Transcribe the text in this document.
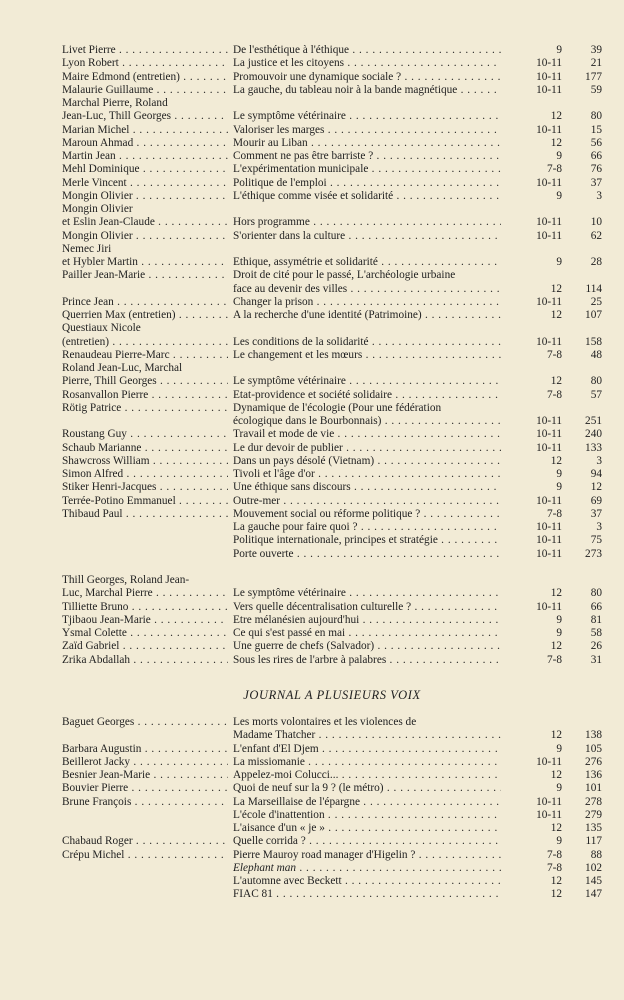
Livet Pierre . . .	De l'esthétique à l'éthique . . .	9	39
Lyon Robert . . .	La justice et les citoyens . . .	10-11	21
Maire Edmond (entretien) . . .	Promouvoir une dynamique sociale ? . . .	10-11	177
Malaurie Guillaume . . .	La gauche, du tableau noir à la bande magnétique . . .	10-11	59
Marchal Pierre, Roland
Jean-Luc, Thill Georges . . .	Le symptôme vétérinaire . . .	12	80
Marian Michel . . .	Valoriser les marges . . .	10-11	15
Maroun Ahmad . . .	Mourir au Liban . . .	12	56
Martin Jean . . .	Comment ne pas être barriste ? . . .	9	66
Mehl Dominique . . .	L'expérimentation municipale . . .	7-8	76
Merle Vincent . . .	Politique de l'emploi . . .	10-11	37
Mongin Olivier . . .	L'éthique comme visée et solidarité . . .	9	3
Mongin Olivier
et Eslin Jean-Claude . . .	Hors programme . . .	10-11	10
Mongin Olivier . . .	S'orienter dans la culture . . .	10-11	62
Nemec Jiri
et Hybler Martin . . .	Ethique, assymétrie et solidarité . . .	9	28
Pailler Jean-Marie . . .	Droit de cité pour le passé, L'archéologie urbaine
face au devenir des villes . . .	12	114
Prince Jean . . .	Changer la prison . . .	10-11	25
Querrien Max (entretien) . . .	A la recherche d'une identité (Patrimoine) . . .	12	107
Questiaux Nicole
(entretien) . . .	Les conditions de la solidarité . . .	10-11	158
Renaudeau Pierre-Marc . . .	Le changement et les mœurs . . .	7-8	48
Roland Jean-Luc, Marchal
Pierre, Thill Georges . . .	Le symptôme vétérinaire . . .	12	80
Rosanvallon Pierre . . .	Etat-providence et société solidaire . . .	7-8	57
Rötig Patrice . . .	Dynamique de l'écologie (Pour une fédération
écologique dans le Bourbonnais) . . .	10-11	251
Roustang Guy . . .	Travail et mode de vie . . .	10-11	240
Schaub Marianne . . .	Le dur devoir de publier . . .	10-11	133
Shawcross William . . .	Dans un pays désolé (Vietnam) . . .	12	3
Simon Alfred . . .	Tivoli et l'âge d'or . . .	9	94
Stiker Henri-Jacques . . .	Une éthique sans discours . . .	9	12
Terrée-Potino Emmanuel . . .	Outre-mer . . .	10-11	69
Thibaud Paul . . .	Mouvement social ou réforme politique ? . . .	7-8	37
La gauche pour faire quoi ? . . .	10-11	3
Politique internationale, principes et stratégie . . .	10-11	75
Porte ouverte . . .	10-11	273
Thill Georges, Roland Jean-
Luc, Marchal Pierre . . .	Le symptôme vétérinaire . . .	12	80
Tilliette Bruno . . .	Vers quelle décentralisation culturelle ? . . .	10-11	66
Tjibaou Jean-Marie . . .	Etre mélanésien aujourd'hui . . .	9	81
Ysmal Colette . . .	Ce qui s'est passé en mai . . .	9	58
Zaïd Gabriel . . .	Une guerre de chefs (Salvador) . . .	12	26
Zrika Abdallah . . .	Sous les rires de l'arbre à palabres . . .	7-8	31
JOURNAL A PLUSIEURS VOIX
Baguet Georges . . .	Les morts volontaires et les violences de
Madame Thatcher . . .	12	138
Barbara Augustin . . .	L'enfant d'El Djem . . .	9	105
Beillerot Jacky . . .	La missiomanie . . .	10-11	276
Besnier Jean-Marie . . .	Appelez-moi Colucci... . . .	12	136
Bouvier Pierre . . .	Quoi de neuf sur la 9 ? (le métro) . . .	9	101
Brune François . . .	La Marseillaise de l'épargne . . .	10-11	278
L'école d'inattention . . .	10-11	279
L'aisance d'un « je » . . .	12	135
Chabaud Roger . . .	Quelle corrida ? . . .	9	117
Crépu Michel . . .	Pierre Mauroy road manager d'Higelin ? . . .	7-8	88
Elephant man . . .	7-8	102
L'automne avec Beckett . . .	12	145
FIAC 81 . . .	12	147
